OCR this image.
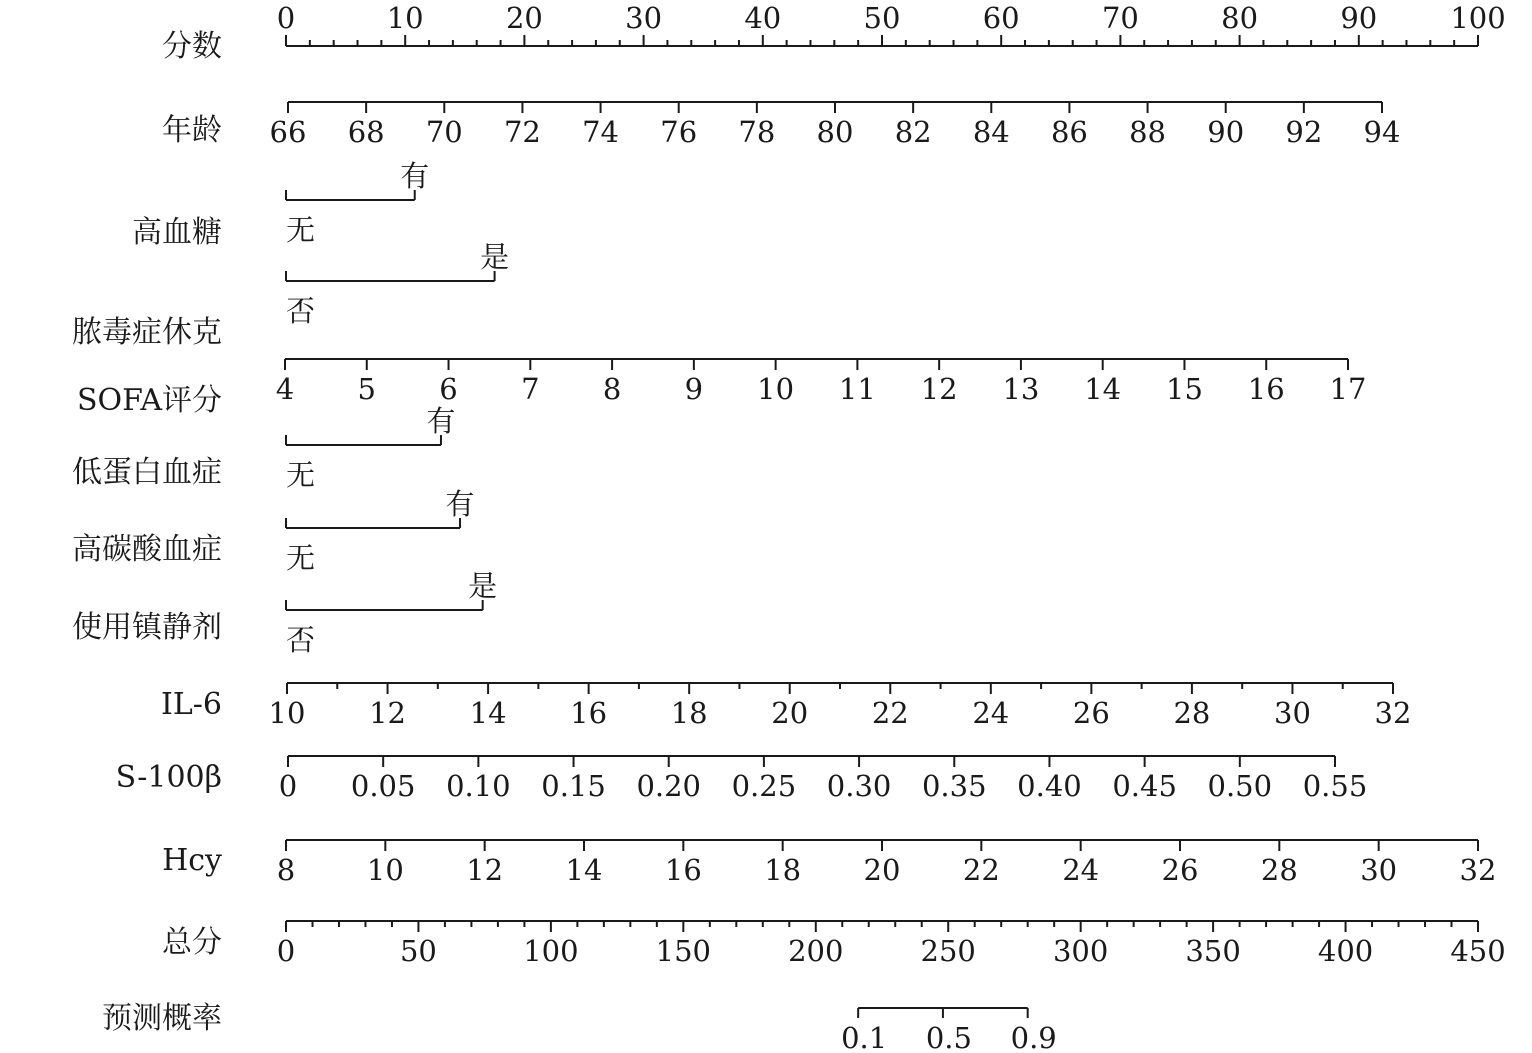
分数
0	10	20	30	40	50	60	70	80	90	100
年龄 66 68 70 72 74 76 78 80 82 84 86 88 90 92 94
高血糖 无
有
脓毒症休克
否
是
SOFA评分 4 5 6 7 8 9 10 11 12 13 14 15 16 17
低蛋白血症 无
有
高碳酸血症 无
有
使用镇静剂 否
是
IL-6 10 12 14 16 18 20 22 24 26 28 30 32
S-100β 0 0.05 0.10 0.15 0.20 0.25 0.30 0.35 0.40 0.45 0.50 0.55
Hcy 8 10 12 14 16 18 20 22 24 26 28 30 32
总分 0	50	100	150	200	250	300	350	400	450
预测概率
0.1 0.5 0.9
